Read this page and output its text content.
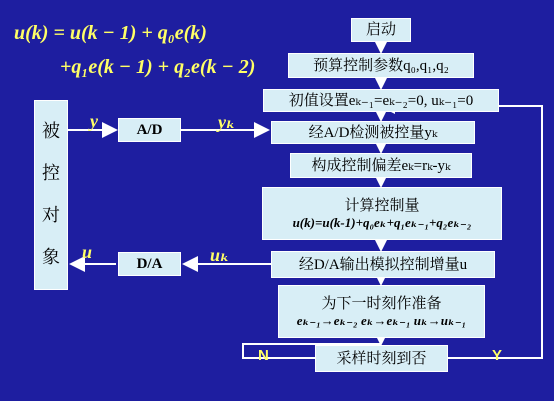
u(k) = u(k − 1) + q₀e(k)
+q₁e(k − 1) + q₂e(k − 2)
启动
预算控制参数q₀,q₁,q₂
初值设置eₖ₋₁=eₖ₋₂=0, uₖ₋₁=0
经A/D检测被控量yₖ
构成控制偏差eₖ=rₖ-yₖ
计算控制量
u(k)=u(k-1)+q₀eₖ+q₁eₖ₋₁+q₂eₖ₋₂
经D/A输出模拟控制增量u
为下一时刻作准备
eₖ₋₁→eₖ₋₂ eₖ→eₖ₋₁ uₖ→uₖ₋₁
采样时刻到否
被
控
对
象
A/D
D/A
y	yₖ
u	uₖ
N	Y
